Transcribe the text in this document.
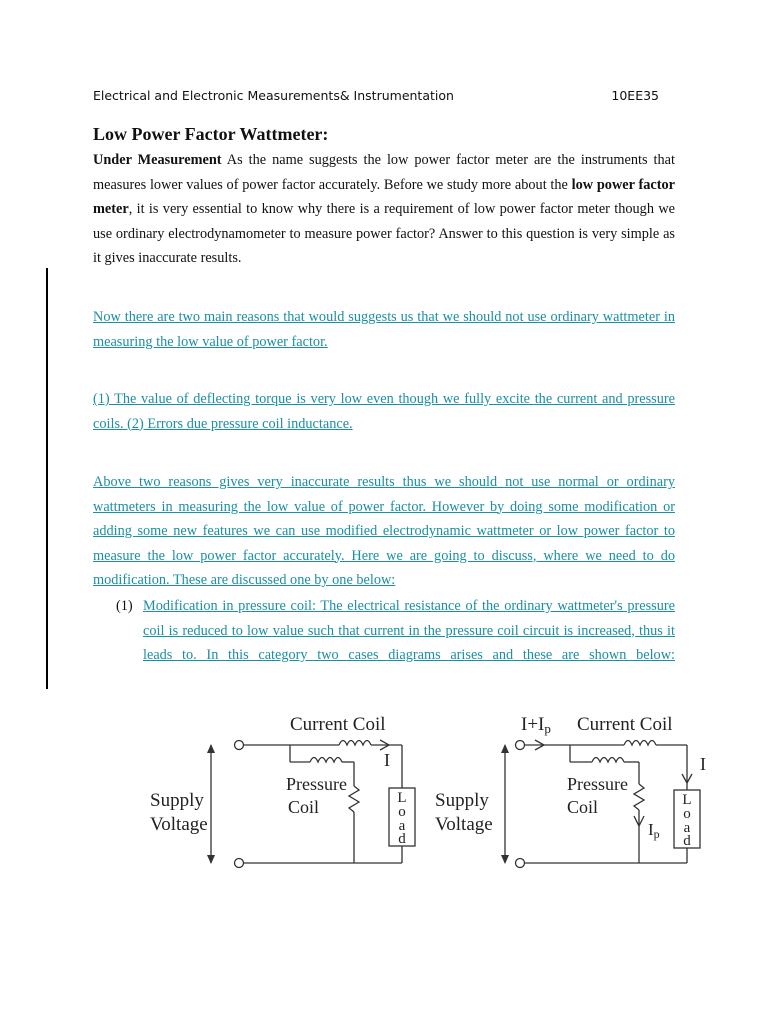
Electrical and Electronic Measurements& Instrumentation	10EE35
Low Power Factor Wattmeter:

Under Measurement As the name suggests the low power factor meter are the instruments that measures lower values of power factor accurately. Before we study more about the low power factor meter, it is very essential to know why there is a requirement of low power factor meter though we use ordinary electrodynamometer to measure power factor? Answer to this question is very simple as it gives inaccurate results.

Now there are two main reasons that would suggests us that we should not use ordinary wattmeter in measuring the low value of power factor.

(1) The value of deflecting torque is very low even though we fully excite the current and pressure coils. (2) Errors due pressure coil inductance.

Above two reasons gives very inaccurate results thus we should not use normal or ordinary wattmeters in measuring the low value of power factor. However by doing some modification or adding some new features we can use modified electrodynamic wattmeter or low power factor to measure the low power factor accurately. Here we are going to discuss, where we need to do modification. These are discussed one by one below:

(1) Modification in pressure coil: The electrical resistance of the ordinary wattmeter's pressure coil is reduced to low value such that current in the pressure coil circuit is increased, thus it leads to. In this category two cases diagrams arises and these are shown below:

Current Coil
I
Pressure
Coil
Supply
Voltage
L
o
a
d
I+Ip Current Coil
I
Pressure
Coil
Supply
Voltage	Ip
L
o
a
d
